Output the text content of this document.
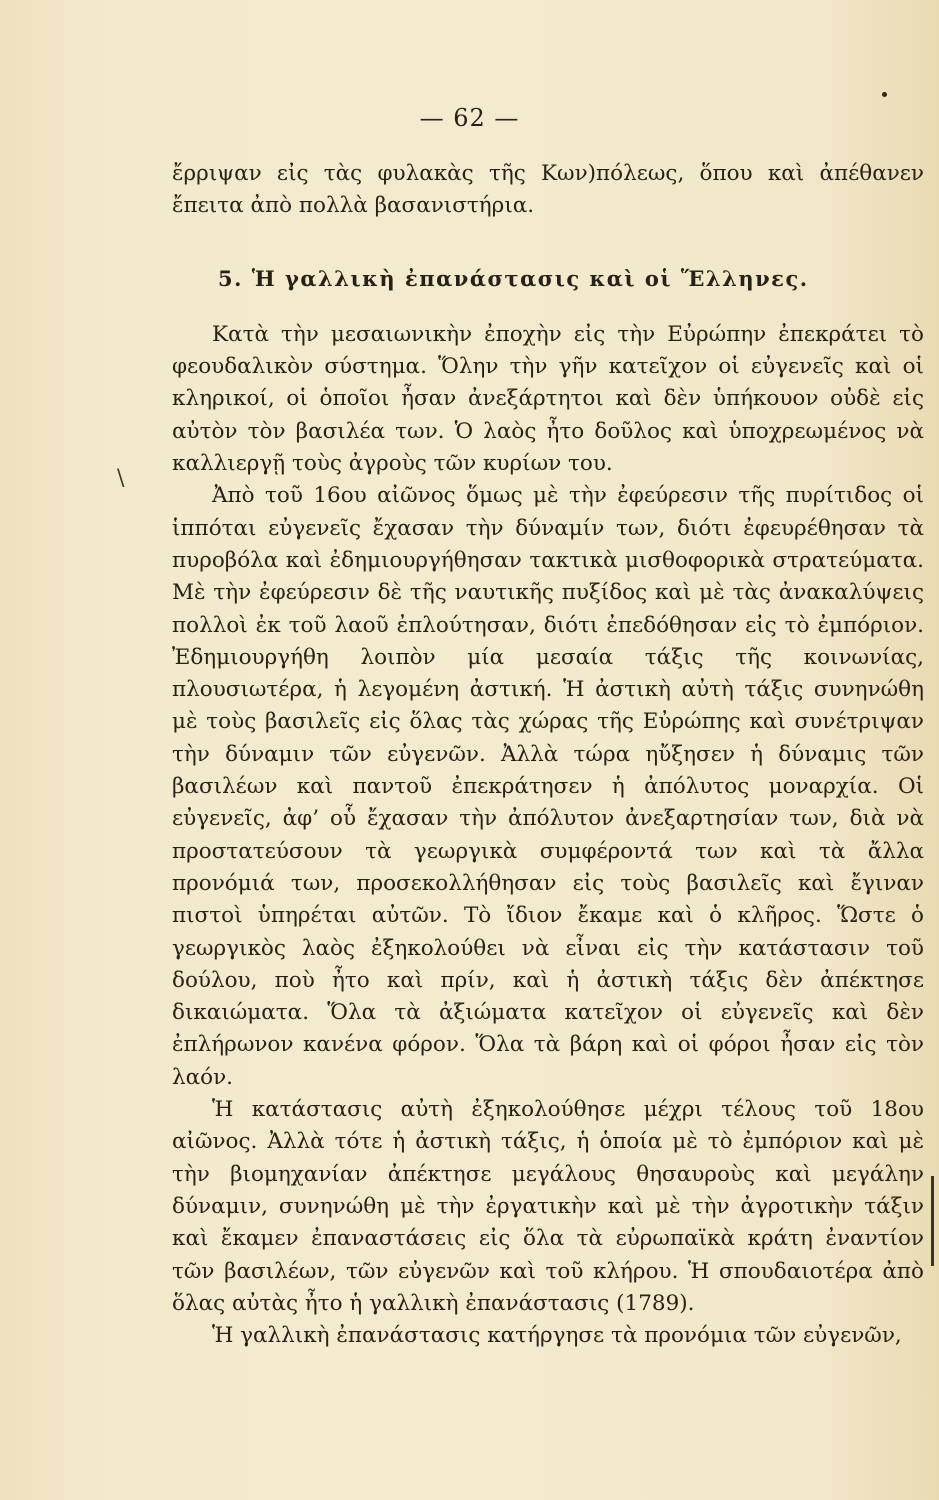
— 62 —
\

ἔρριψαν εἰς τὰς φυλακὰς τῆς Κων)πόλεως, ὅπου καὶ ἀπέθανεν ἔπειτα ἀπὸ πολλὰ βασανιστήρια.

5. Ἡ γαλλικὴ ἐπανάστασις καὶ οἱ Ἕλληνες.

Κατὰ τὴν μεσαιωνικὴν ἐποχὴν εἰς τὴν Εὐρώπην ἐπεκράτει τὸ φεουδαλικὸν σύστημα. Ὅλην τὴν γῆν κατεῖχον οἱ εὐγενεῖς καὶ οἱ κληρικοί, οἱ ὁποῖοι ἦσαν ἀνεξάρτητοι καὶ δὲν ὑπήκουον οὐδὲ εἰς αὐτὸν τὸν βασιλέα των. Ὁ λαὸς ἦτο δοῦλος καὶ ὑποχρεωμένος νὰ καλλιεργῇ τοὺς ἀγροὺς τῶν κυρίων του.

Ἀπὸ τοῦ 16ου αἰῶνος ὅμως μὲ τὴν ἐφεύρεσιν τῆς πυρίτιδος οἱ ἱππόται εὐγενεῖς ἔχασαν τὴν δύναμίν των, διότι ἐφευρέθησαν τὰ πυροβόλα καὶ ἐδημιουργήθησαν τακτικὰ μισθοφορικὰ στρατεύματα. Μὲ τὴν ἐφεύρεσιν δὲ τῆς ναυτικῆς πυξίδος καὶ μὲ τὰς ἀνακαλύψεις πολλοὶ ἐκ τοῦ λαοῦ ἐπλούτησαν, διότι ἐπεδόθησαν εἰς τὸ ἐμπόριον. Ἐδημιουργήθη λοιπὸν μία μεσαία τάξις τῆς κοινωνίας, πλουσιωτέρα, ἡ λεγομένη ἀστική. Ἡ ἀστικὴ αὐτὴ τάξις συνηνώθη μὲ τοὺς βασιλεῖς εἰς ὅλας τὰς χώρας τῆς Εὐρώπης καὶ συνέτριψαν τὴν δύναμιν τῶν εὐγενῶν. Ἀλλὰ τώρα ηὔξησεν ἡ δύναμις τῶν βασιλέων καὶ παντοῦ ἐπεκράτησεν ἡ ἀπόλυτος μοναρχία. Οἱ εὐγενεῖς, ἀφ’ οὗ ἔχασαν τὴν ἀπόλυτον ἀνεξαρτησίαν των, διὰ νὰ προστατεύσουν τὰ γεωργικὰ συμφέροντά των καὶ τὰ ἄλλα προνόμιά των, προσεκολλήθησαν εἰς τοὺς βασιλεῖς καὶ ἔγιναν πιστοὶ ὑπηρέται αὐτῶν. Τὸ ἴδιον ἔκαμε καὶ ὁ κλῆρος. Ὥστε ὁ γεωργικὸς λαὸς ἐξηκολούθει νὰ εἶναι εἰς τὴν κατάστασιν τοῦ δούλου, ποὺ ἦτο καὶ πρίν, καὶ ἡ ἀστικὴ τάξις δὲν ἀπέκτησε δικαιώματα. Ὅλα τὰ ἀξιώματα κατεῖχον οἱ εὐγενεῖς καὶ δὲν ἐπλήρωνον κανένα φόρον. Ὅλα τὰ βάρη καὶ οἱ φόροι ἦσαν εἰς τὸν λαόν.

Ἡ κατάστασις αὐτὴ ἐξηκολούθησε μέχρι τέλους τοῦ 18ου αἰῶνος. Ἀλλὰ τότε ἡ ἀστικὴ τάξις, ἡ ὁποία μὲ τὸ ἐμπόριον καὶ μὲ τὴν βιομηχανίαν ἀπέκτησε μεγάλους θησαυροὺς καὶ μεγάλην δύναμιν, συνηνώθη μὲ τὴν ἐργατικὴν καὶ μὲ τὴν ἀγροτικὴν τάξιν καὶ ἔκαμεν ἐπαναστάσεις εἰς ὅλα τὰ εὐρωπαϊκὰ κράτη ἐναντίον τῶν βασιλέων, τῶν εὐγενῶν καὶ τοῦ κλήρου. Ἡ σπουδαιοτέρα ἀπὸ ὅλας αὐτὰς ἦτο ἡ γαλλικὴ ἐπανάστασις (1789).

Ἡ γαλλικὴ ἐπανάστασις κατήργησε τὰ προνόμια τῶν εὐγενῶν,
